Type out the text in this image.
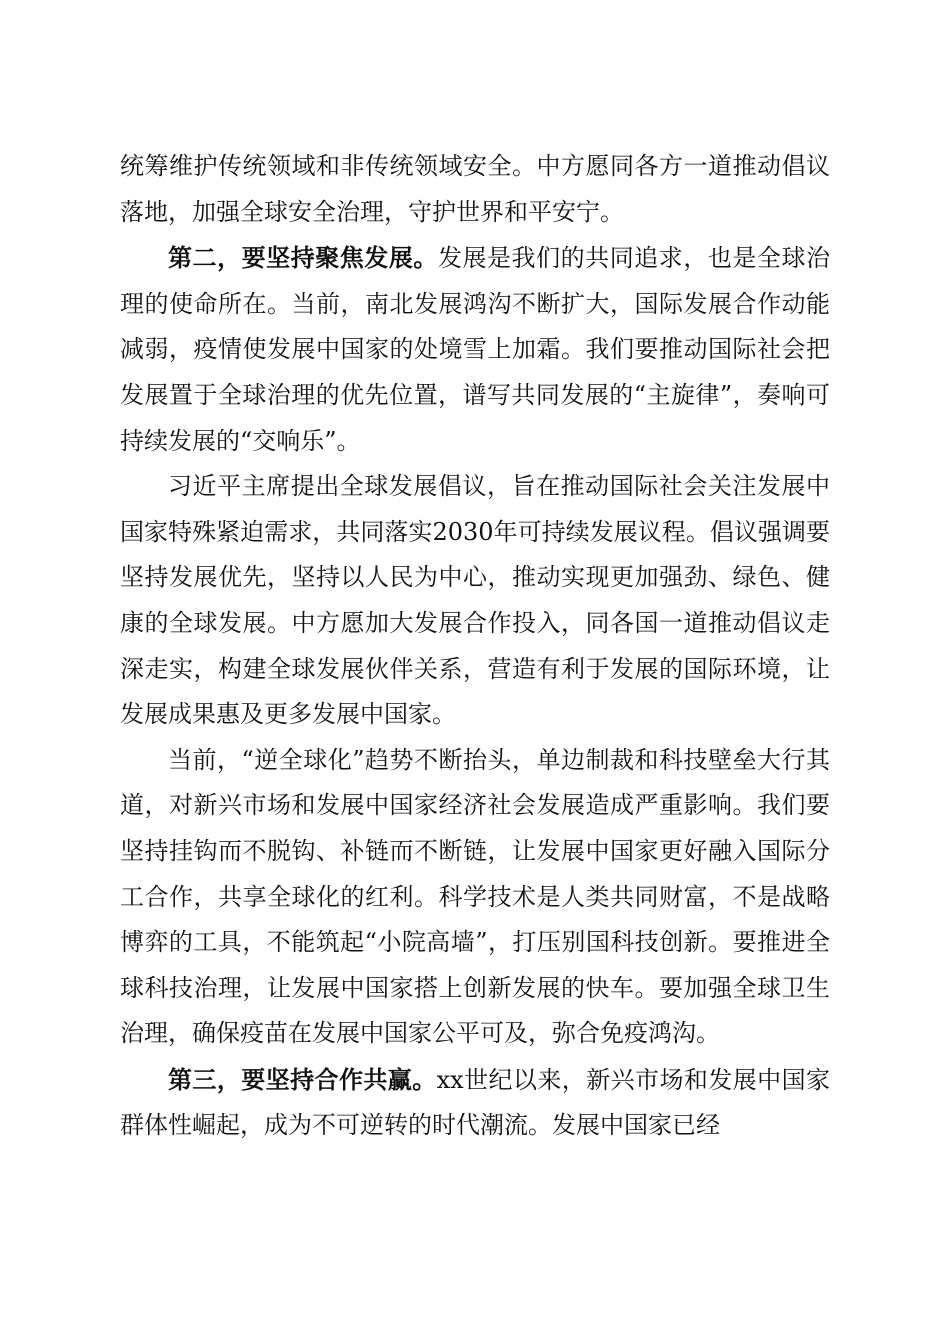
统筹维护传统领域和非传统领域安全。中方愿同各方一道推动倡议落地，加强全球安全治理，守护世界和平安宁。

第二，要坚持聚焦发展。发展是我们的共同追求，也是全球治理的使命所在。当前，南北发展鸿沟不断扩大，国际发展合作动能减弱，疫情使发展中国家的处境雪上加霜。我们要推动国际社会把发展置于全球治理的优先位置，谱写共同发展的“主旋律”，奏响可持续发展的“交响乐”。

习近平主席提出全球发展倡议，旨在推动国际社会关注发展中国家特殊紧迫需求，共同落实2030年可持续发展议程。倡议强调要坚持发展优先，坚持以人民为中心，推动实现更加强劲、绿色、健康的全球发展。中方愿加大发展合作投入，同各国一道推动倡议走深走实，构建全球发展伙伴关系，营造有利于发展的国际环境，让发展成果惠及更多发展中国家。

当前，“逆全球化”趋势不断抬头，单边制裁和科技壁垒大行其道，对新兴市场和发展中国家经济社会发展造成严重影响。我们要坚持挂钩而不脱钩、补链而不断链，让发展中国家更好融入国际分工合作，共享全球化的红利。科学技术是人类共同财富，不是战略博弈的工具，不能筑起“小院高墙”，打压别国科技创新。要推进全球科技治理，让发展中国家搭上创新发展的快车。要加强全球卫生治理，确保疫苗在发展中国家公平可及，弥合免疫鸿沟。

第三，要坚持合作共赢。xx世纪以来，新兴市场和发展中国家群体性崛起，成为不可逆转的时代潮流。发展中国家已经
